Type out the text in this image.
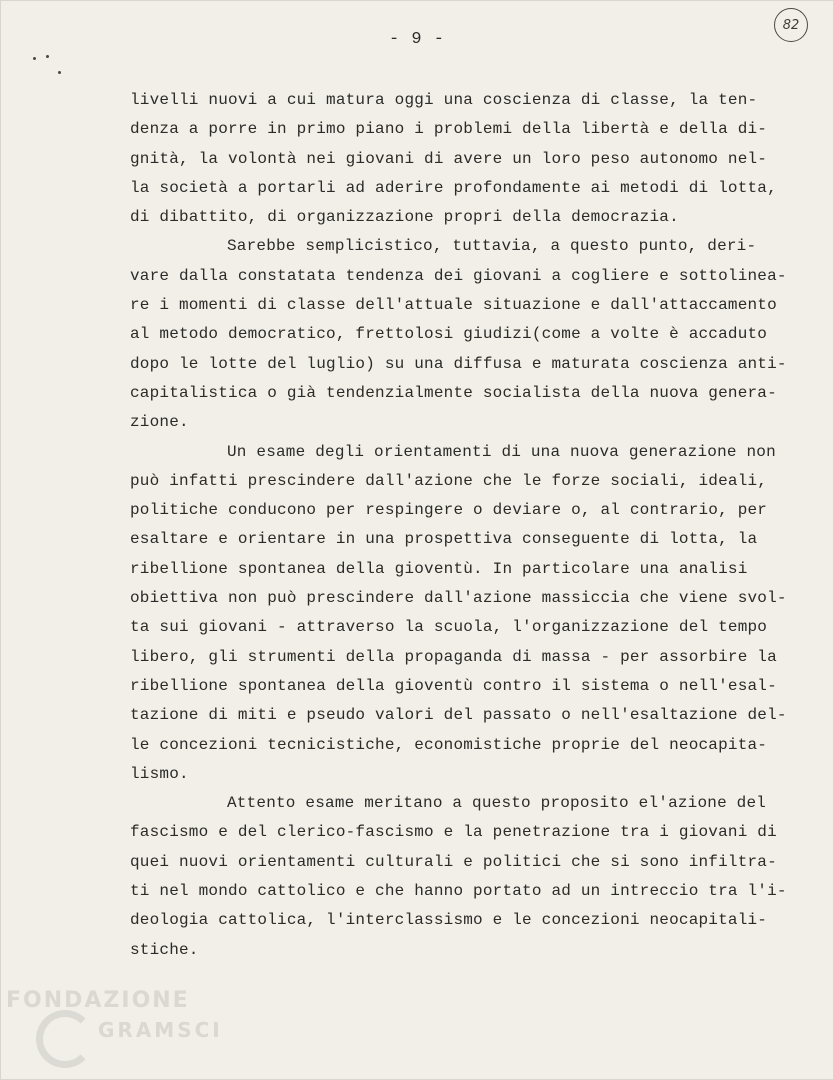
- 9 -
82
livelli nuovi a cui matura oggi una coscienza di classe, la ten-
denza a porre in primo piano i problemi della libertà e della di-
gnità, la volontà nei giovani di avere un loro peso autonomo nel-
la società a portarli ad aderire profondamente ai metodi di lotta,
di dibattito, di organizzazione propri della democrazia.
Sarebbe semplicistico, tuttavia, a questo punto, deri-
vare dalla constatata tendenza dei giovani a cogliere e sottolinea-
re i momenti di classe dell'attuale situazione e dall'attaccamento
al metodo democratico, frettolosi giudizi(come a volte è accaduto
dopo le lotte del luglio) su una diffusa e maturata coscienza anti-
capitalistica o già tendenzialmente socialista della nuova genera-
zione.
Un esame degli orientamenti di una nuova generazione non
può infatti prescindere dall'azione che le forze sociali, ideali,
politiche conducono per respingere o deviare o, al contrario, per
esaltare e orientare in una prospettiva conseguente di lotta, la
ribellione spontanea della gioventù. In particolare una analisi
obiettiva non può prescindere dall'azione massiccia che viene svol-
ta sui giovani - attraverso la scuola, l'organizzazione del tempo
libero, gli strumenti della propaganda di massa - per assorbire la
ribellione spontanea della gioventù contro il sistema o nell'esal-
tazione di miti e pseudo valori del passato o nell'esaltazione del-
le concezioni tecnicistiche, economistiche proprie del neocapita-
lismo.
Attento esame meritano a questo proposito el'azione del
fascismo e del clerico-fascismo e la penetrazione tra i giovani di
quei nuovi orientamenti culturali e politici che si sono infiltra-
ti nel mondo cattolico e che hanno portato ad un intreccio tra l'i-
deologia cattolica, l'interclassismo e le concezioni neocapitali-
stiche.
FONDAZIONE
GRAMSCI
